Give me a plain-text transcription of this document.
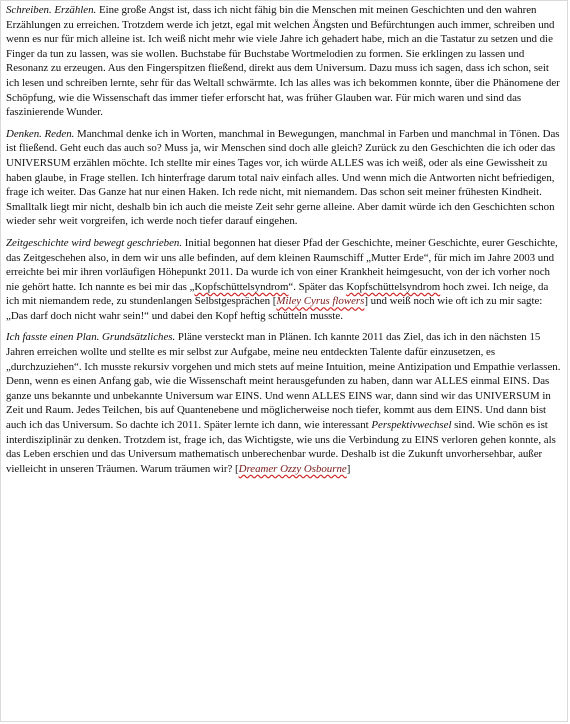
Schreiben. Erzählen. Eine große Angst ist, dass ich nicht fähig bin die Menschen mit meinen Geschichten und den wahren Erzählungen zu erreichen. Trotzdem werde ich jetzt, egal mit welchen Ängsten und Befürchtungen auch immer, schreiben und wenn es nur für mich alleine ist. Ich weiß nicht mehr wie viele Jahre ich gehadert habe, mich an die Tastatur zu setzen und die Finger da tun zu lassen, was sie wollen. Buchstabe für Buchstabe Wortmelodien zu formen. Sie erklingen zu lassen und Resonanz zu erzeugen. Aus den Fingerspitzen fließend, direkt aus dem Universum. Dazu muss ich sagen, dass ich schon, seit ich lesen und schreiben lernte, sehr für das Weltall schwärmte. Ich las alles was ich bekommen konnte, über die Phänomene der Schöpfung, wie die Wissenschaft das immer tiefer erforscht hat, was früher Glauben war. Für mich waren und sind das faszinierende Wunder.

Denken. Reden. Manchmal denke ich in Worten, manchmal in Bewegungen, manchmal in Farben und manchmal in Tönen. Das ist fließend. Geht euch das auch so? Muss ja, wir Menschen sind doch alle gleich? Zurück zu den Geschichten die ich oder das UNIVERSUM erzählen möchte. Ich stellte mir eines Tages vor, ich würde ALLES was ich weiß, oder als eine Gewissheit zu haben glaube, in Frage stellen. Ich hinterfrage darum total naiv einfach alles. Und wenn mich die Antworten nicht befriedigen, frage ich weiter. Das Ganze hat nur einen Haken. Ich rede nicht, mit niemandem. Das schon seit meiner frühesten Kindheit. Smalltalk liegt mir nicht, deshalb bin ich auch die meiste Zeit sehr gerne alleine. Aber damit würde ich den Geschichten schon wieder sehr weit vorgreifen, ich werde noch tiefer darauf eingehen.

Zeitgeschichte wird bewegt geschrieben. Initial begonnen hat dieser Pfad der Geschichte, meiner Geschichte, eurer Geschichte, das Zeitgeschehen also, in dem wir uns alle befinden, auf dem kleinen Raumschiff „Mutter Erde“, für mich im Jahre 2003 und erreichte bei mir ihren vorläufigen Höhepunkt 2011. Da wurde ich von einer Krankheit heimgesucht, von der ich vorher noch nie gehört hatte. Ich nannte es bei mir das „Kopfschüttelsyndrom“. Später das Kopfschüttelsyndrom hoch zwei. Ich neige, da ich mit niemandem rede, zu stundenlangen Selbstgesprächen [Miley Cyrus flowers] und weiß noch wie oft ich zu mir sagte: „Das darf doch nicht wahr sein!“ und dabei den Kopf heftig schütteln musste.

Ich fasste einen Plan. Grundsätzliches. Pläne versteckt man in Plänen. Ich kannte 2011 das Ziel, das ich in den nächsten 15 Jahren erreichen wollte und stellte es mir selbst zur Aufgabe, meine neu entdeckten Talente dafür einzusetzen, es „durchzuziehen“. Ich musste rekursiv vorgehen und mich stets auf meine Intuition, meine Antizipation und Empathie verlassen. Denn, wenn es einen Anfang gab, wie die Wissenschaft meint herausgefunden zu haben, dann war ALLES einmal EINS. Das ganze uns bekannte und unbekannte Universum war EINS. Und wenn ALLES EINS war, dann sind wir das UNIVERSUM in Zeit und Raum. Jedes Teilchen, bis auf Quantenebene und möglicherweise noch tiefer, kommt aus dem EINS. Und dann bist auch ich das Universum. So dachte ich 2011. Später lernte ich dann, wie interessant Perspektivwechsel sind. Wie schön es ist interdisziplinär zu denken. Trotzdem ist, frage ich, das Wichtigste, wie uns die Verbindung zu EINS verloren gehen konnte, als das Leben erschien und das Universum mathematisch unberechenbar wurde. Deshalb ist die Zukunft unvorhersehbar, außer vielleicht in unseren Träumen. Warum träumen wir? [Dreamer Ozzy Osbourne]
